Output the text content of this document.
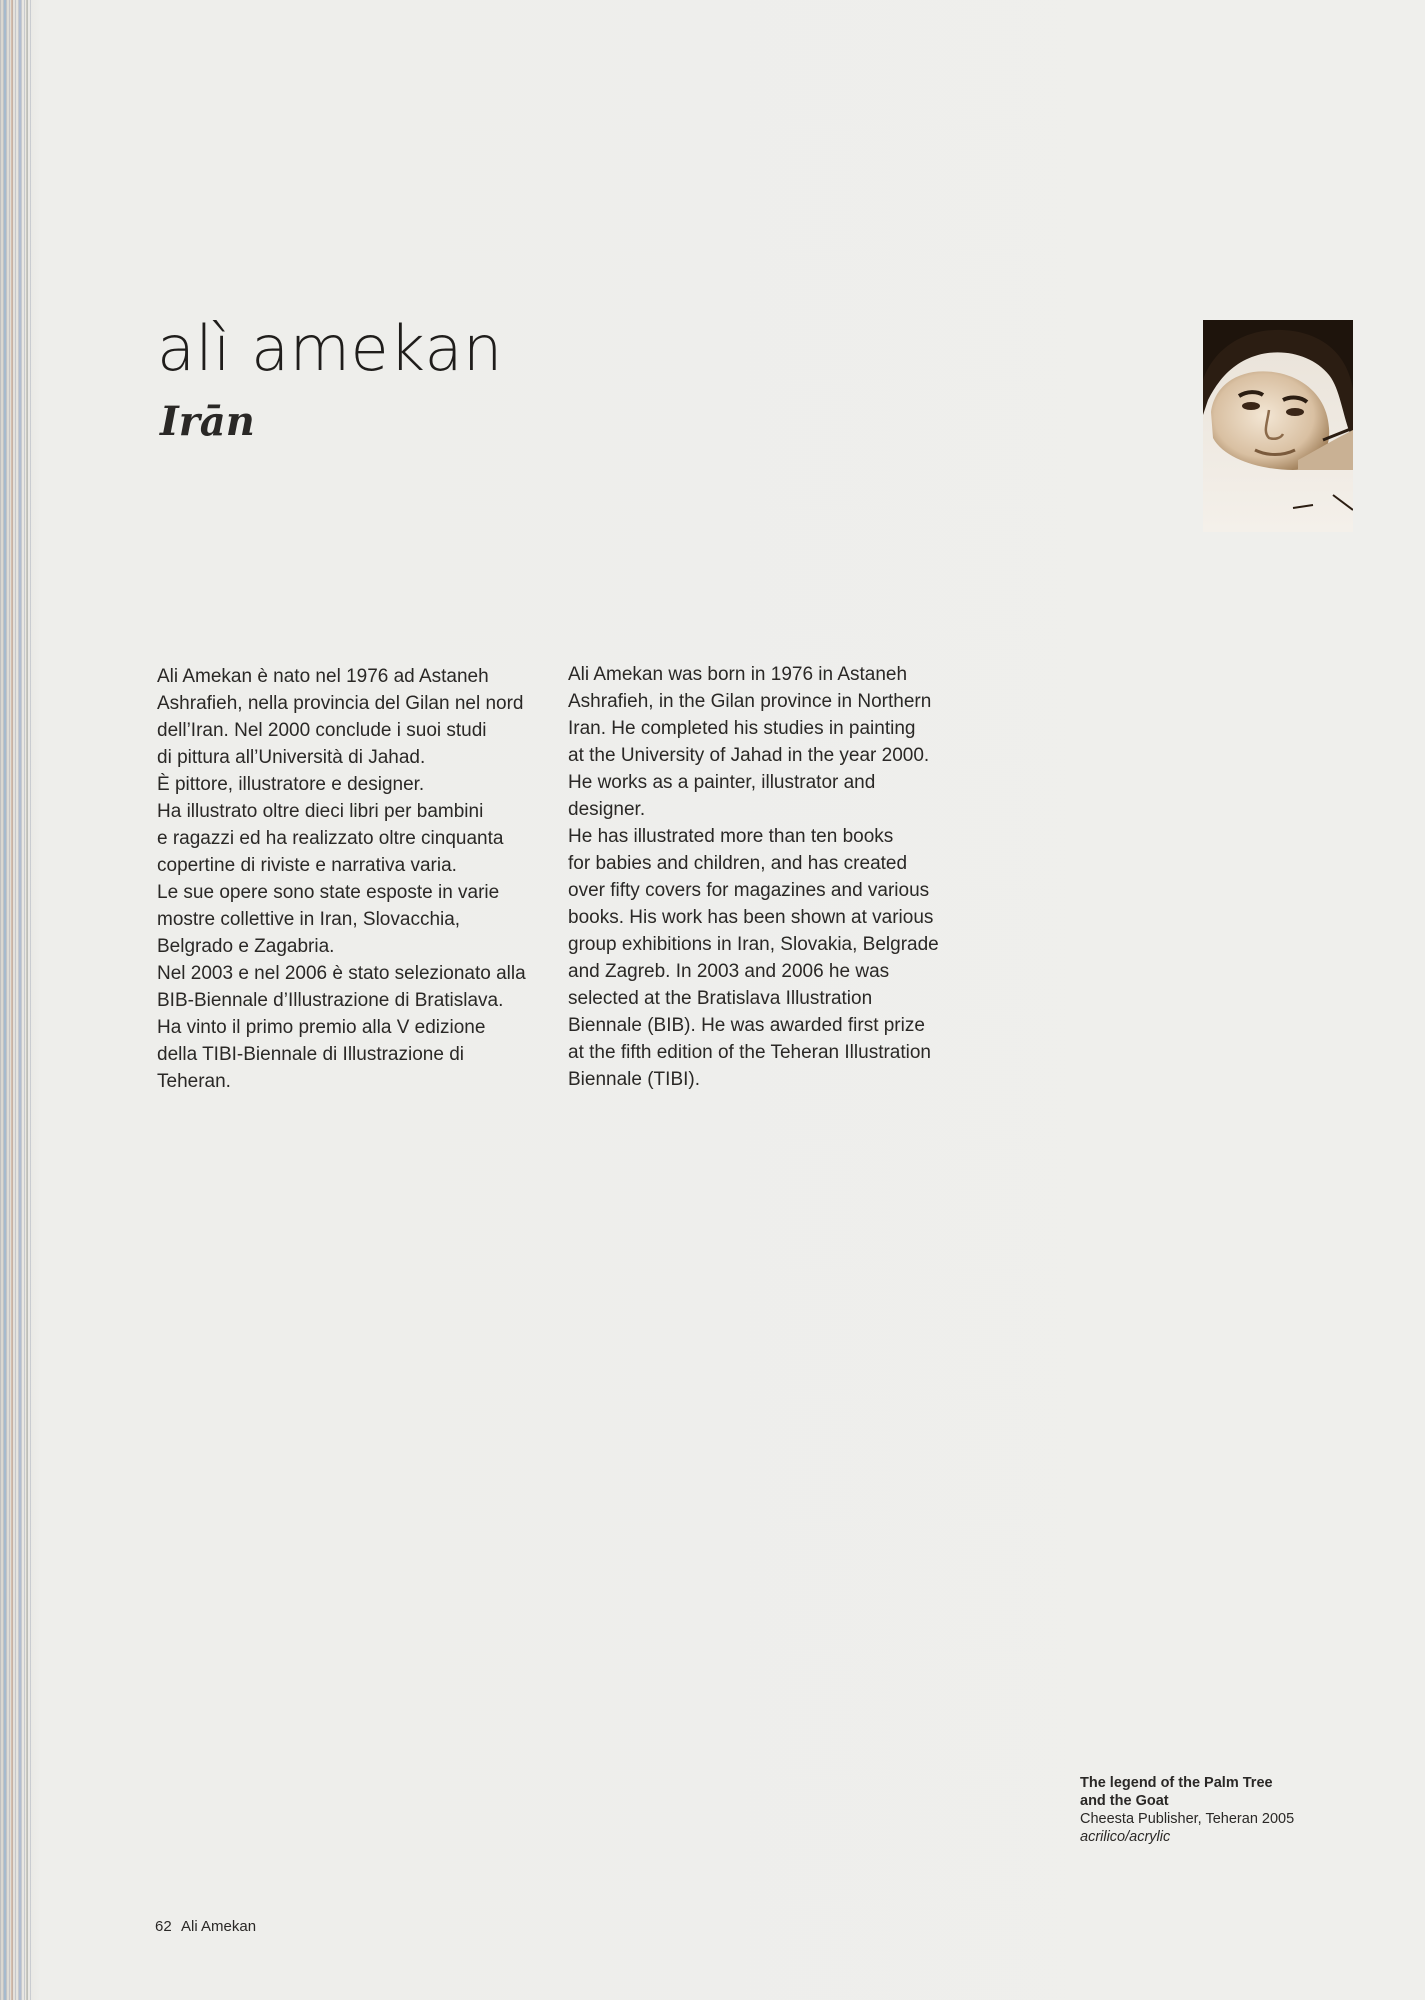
alì amekan
Irān

Ali Amekan è nato nel 1976 ad Astaneh
Ashrafieh, nella provincia del Gilan nel nord
dell’Iran. Nel 2000 conclude i suoi studi
di pittura all’Università di Jahad.
È pittore, illustratore e designer.
Ha illustrato oltre dieci libri per bambini
e ragazzi ed ha realizzato oltre cinquanta
copertine di riviste e narrativa varia.
Le sue opere sono state esposte in varie
mostre collettive in Iran, Slovacchia,
Belgrado e Zagabria.
Nel 2003 e nel 2006 è stato selezionato alla
BIB-Biennale d’Illustrazione di Bratislava.
Ha vinto il primo premio alla V edizione
della TIBI-Biennale di Illustrazione di
Teheran.

Ali Amekan was born in 1976 in Astaneh
Ashrafieh, in the Gilan province in Northern
Iran. He completed his studies in painting
at the University of Jahad in the year 2000.
He works as a painter, illustrator and
designer.
He has illustrated more than ten books
for babies and children, and has created
over fifty covers for magazines and various
books. His work has been shown at various
group exhibitions in Iran, Slovakia, Belgrade
and Zagreb. In 2003 and 2006 he was
selected at the Bratislava Illustration
Biennale (BIB). He was awarded first prize
at the fifth edition of the Teheran Illustration
Biennale (TIBI).

The legend of the Palm Tree
and the Goat
Cheesta Publisher, Teheran 2005
acrilico/acrylic
62 Ali Amekan
